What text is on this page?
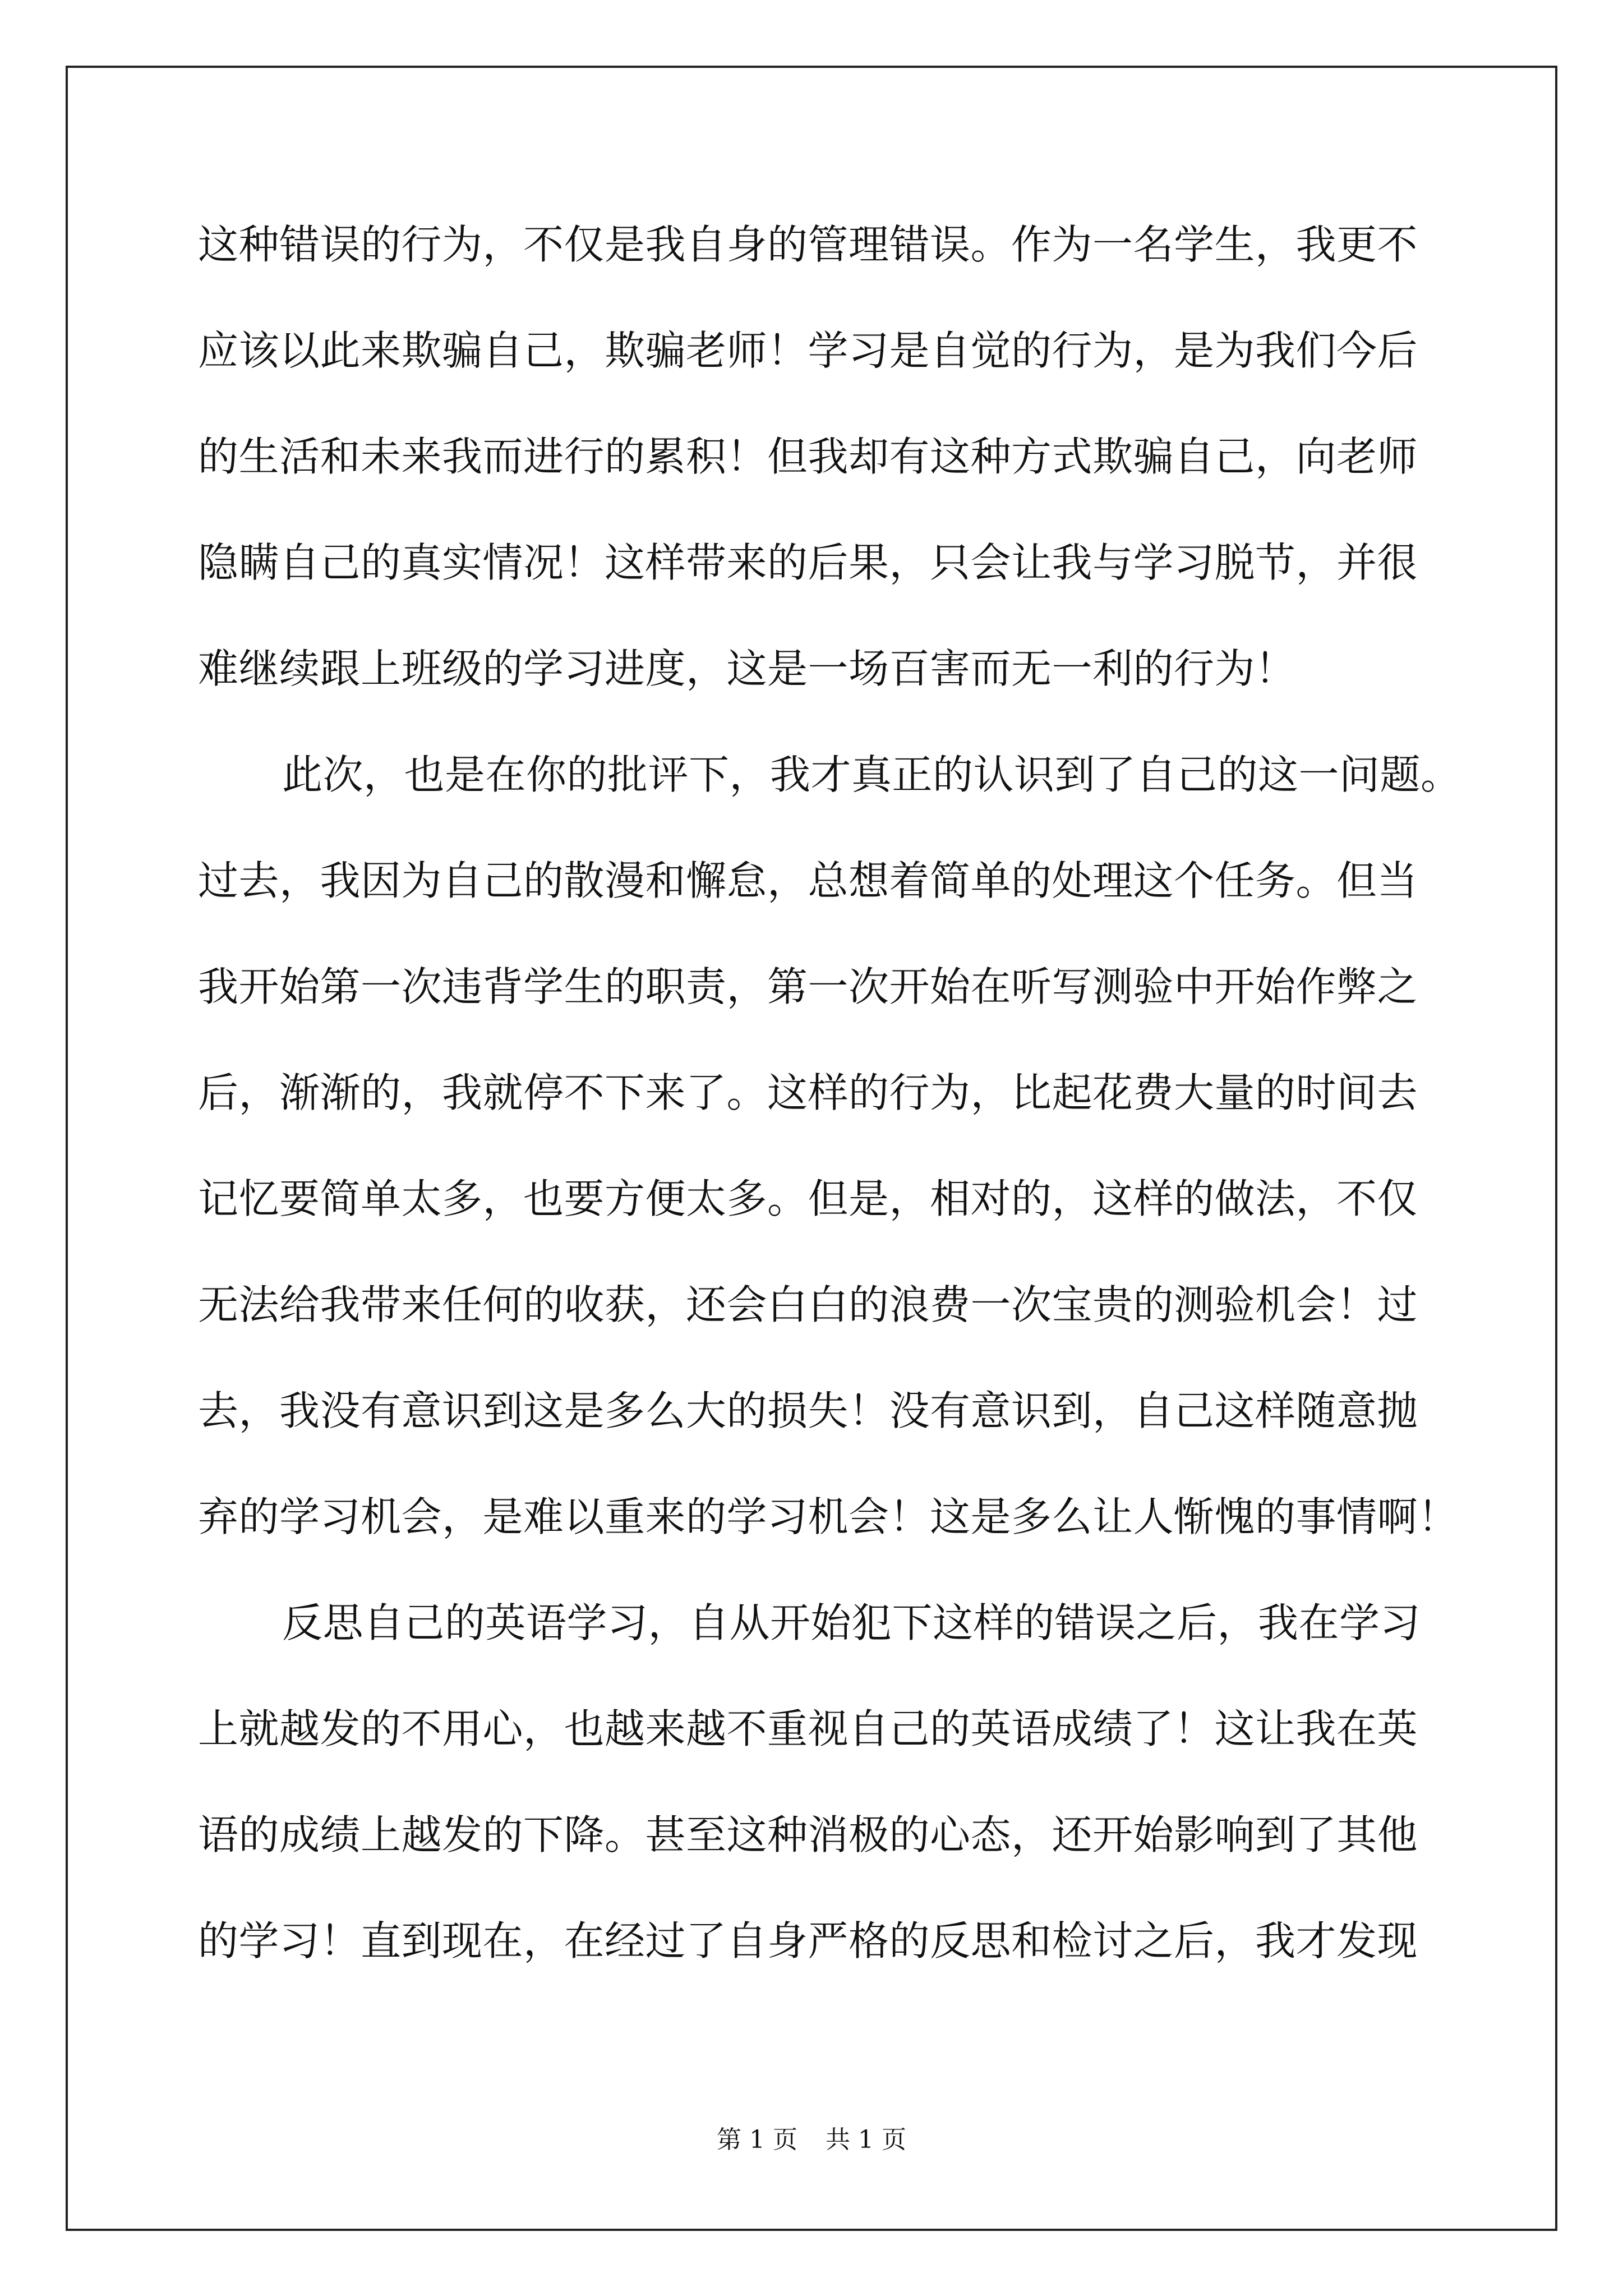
这种错误的行为，不仅是我自身的管理错误。作为一名学生，我更不
应该以此来欺骗自己，欺骗老师！学习是自觉的行为，是为我们今后
的生活和未来我而进行的累积！但我却有这种方式欺骗自己，向老师
隐瞒自己的真实情况！这样带来的后果，只会让我与学习脱节，并很
难继续跟上班级的学习进度，这是一场百害而无一利的行为！
此次，也是在你的批评下，我才真正的认识到了自己的这一问题。
过去，我因为自己的散漫和懈怠，总想着简单的处理这个任务。但当
我开始第一次违背学生的职责，第一次开始在听写测验中开始作弊之
后，渐渐的，我就停不下来了。这样的行为，比起花费大量的时间去
记忆要简单太多，也要方便太多。但是，相对的，这样的做法，不仅
无法给我带来任何的收获，还会白白的浪费一次宝贵的测验机会！过
去，我没有意识到这是多么大的损失！没有意识到，自己这样随意抛
弃的学习机会，是难以重来的学习机会！这是多么让人惭愧的事情啊！
反思自己的英语学习，自从开始犯下这样的错误之后，我在学习
上就越发的不用心，也越来越不重视自己的英语成绩了！这让我在英
语的成绩上越发的下降。甚至这种消极的心态，还开始影响到了其他
的学习！直到现在，在经过了自身严格的反思和检讨之后，我才发现
第 1 页 共 1 页
